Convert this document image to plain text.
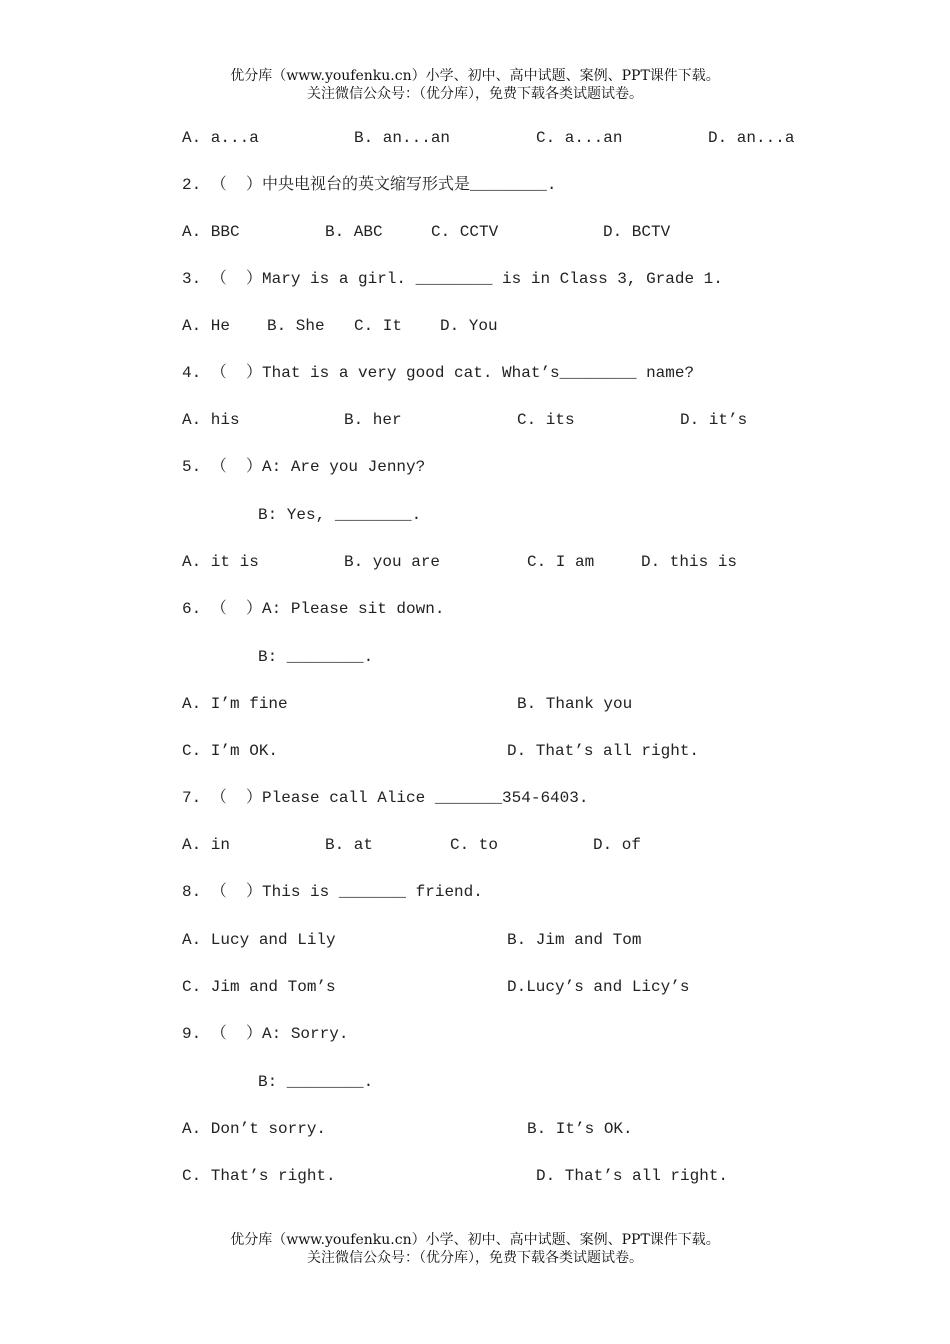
优分库（www.youfenku.cn）小学、初中、高中试题、案例、PPT课件下载。
关注微信公众号：（优分库），免费下载各类试题试卷。
A. a...a	B. an...an	C. a...an	D. an...a
2. （  ）中央电视台的英文缩写形式是________.
A. BBC	B. ABC	C. CCTV	D. BCTV
3. （  ）Mary is a girl. ________ is in Class 3, Grade 1.
A. He B. She C. It D. You
4. （  ）That is a very good cat. What’s________ name?
A. his	B. her	C. its	D. it’s
5. （  ）A: Are you Jenny?
B: Yes, ________.
A. it is	B. you are	C. I am	D. this is
6. （  ）A: Please sit down.
B: ________.
A. I’m fine	B. Thank you
C. I’m OK.	D. That’s all right.
7. （  ）Please call Alice _______354-6403.
A. in	B. at	C. to	D. of
8. （  ）This is _______ friend.
A. Lucy and Lily	B. Jim and Tom
C. Jim and Tom’s	D.Lucy’s and Licy’s
9. （  ）A: Sorry.
B: ________.
A. Don’t sorry.	B. It’s OK.
C. That’s right.	D. That’s all right.
优分库（www.youfenku.cn）小学、初中、高中试题、案例、PPT课件下载。
关注微信公众号：（优分库），免费下载各类试题试卷。
